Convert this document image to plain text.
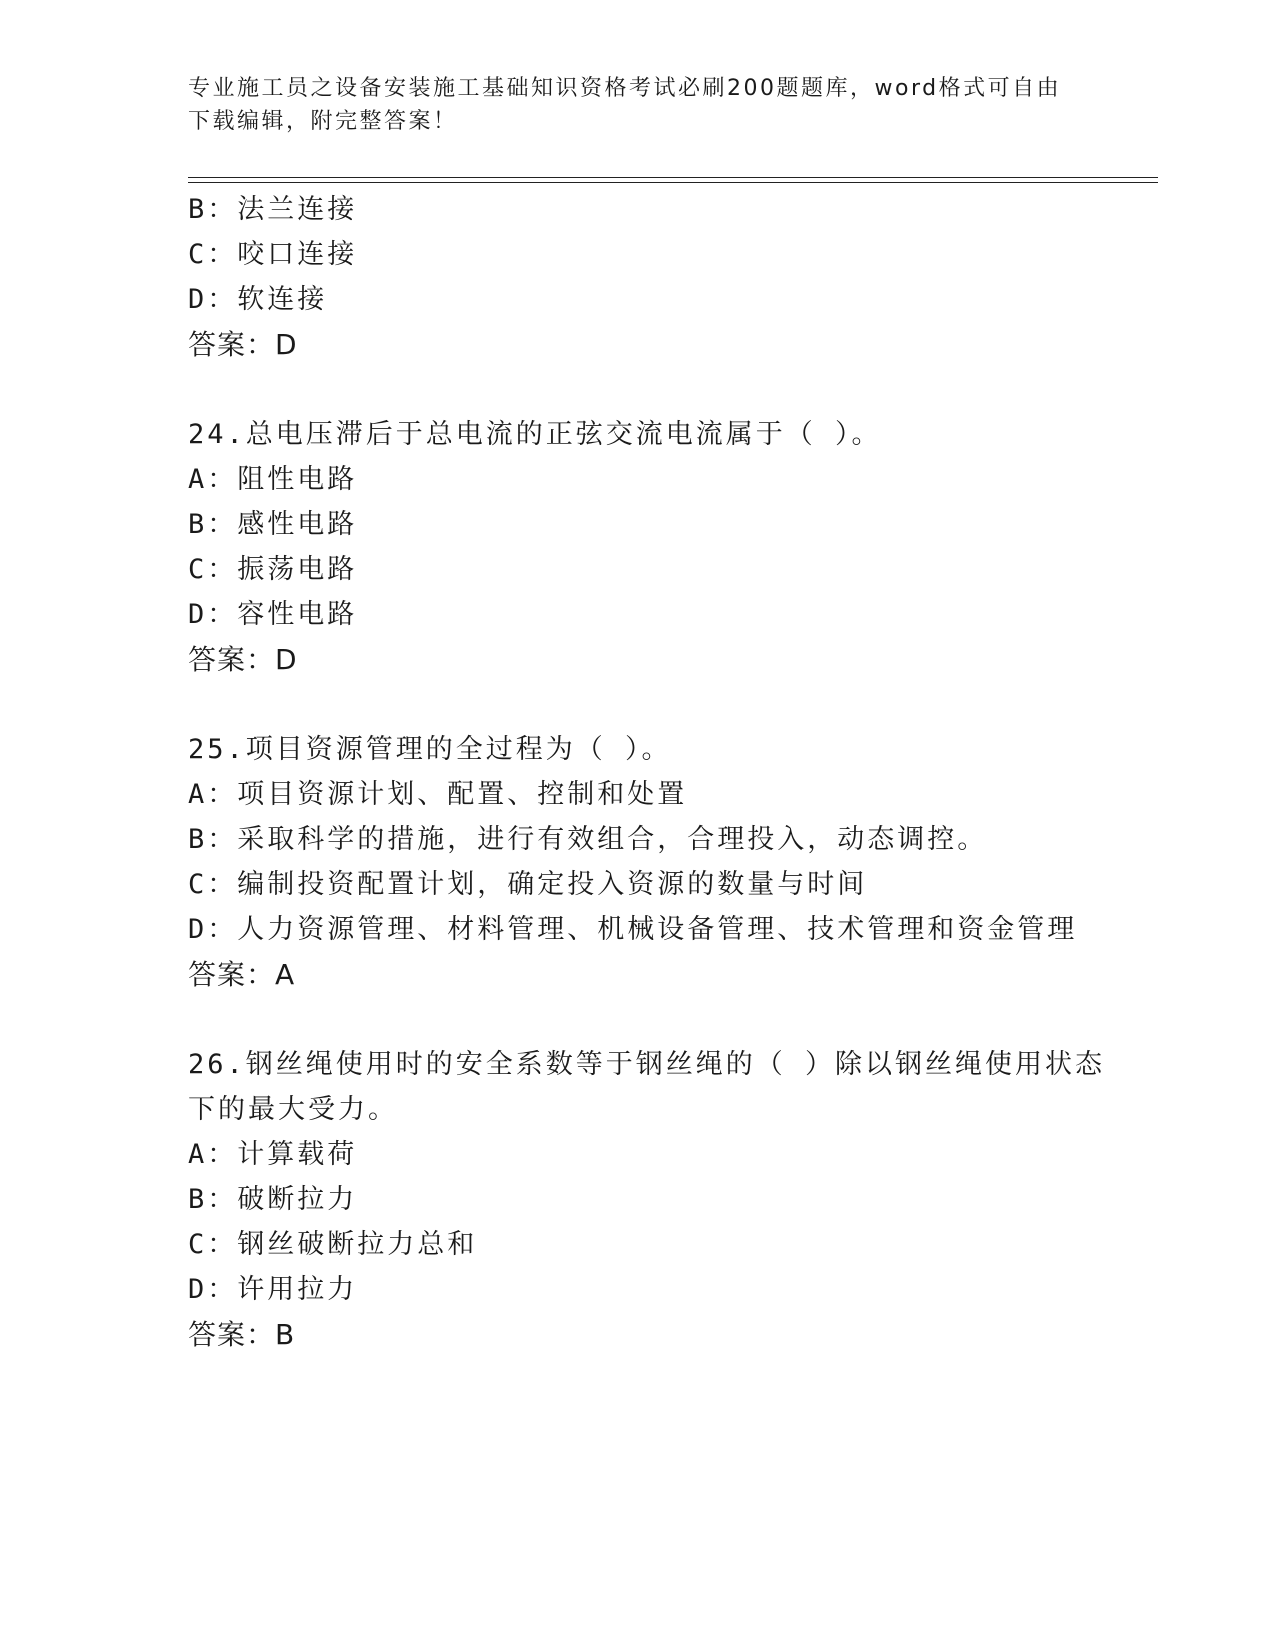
专业施工员之设备安装施工基础知识资格考试必刷200题题库，word格式可自由
下载编辑，附完整答案！
B：法兰连接
C：咬口连接
D：软连接
答案：D
24.总电压滞后于总电流的正弦交流电流属于（ ）。
A：阻性电路
B：感性电路
C：振荡电路
D：容性电路
答案：D
25.项目资源管理的全过程为（ ）。
A：项目资源计划、配置、控制和处置
B：采取科学的措施，进行有效组合，合理投入，动态调控。
C：编制投资配置计划，确定投入资源的数量与时间
D：人力资源管理、材料管理、机械设备管理、技术管理和资金管理
答案：A
26.钢丝绳使用时的安全系数等于钢丝绳的（ ）除以钢丝绳使用状态
下的最大受力。
A：计算载荷
B：破断拉力
C：钢丝破断拉力总和
D：许用拉力
答案：B
